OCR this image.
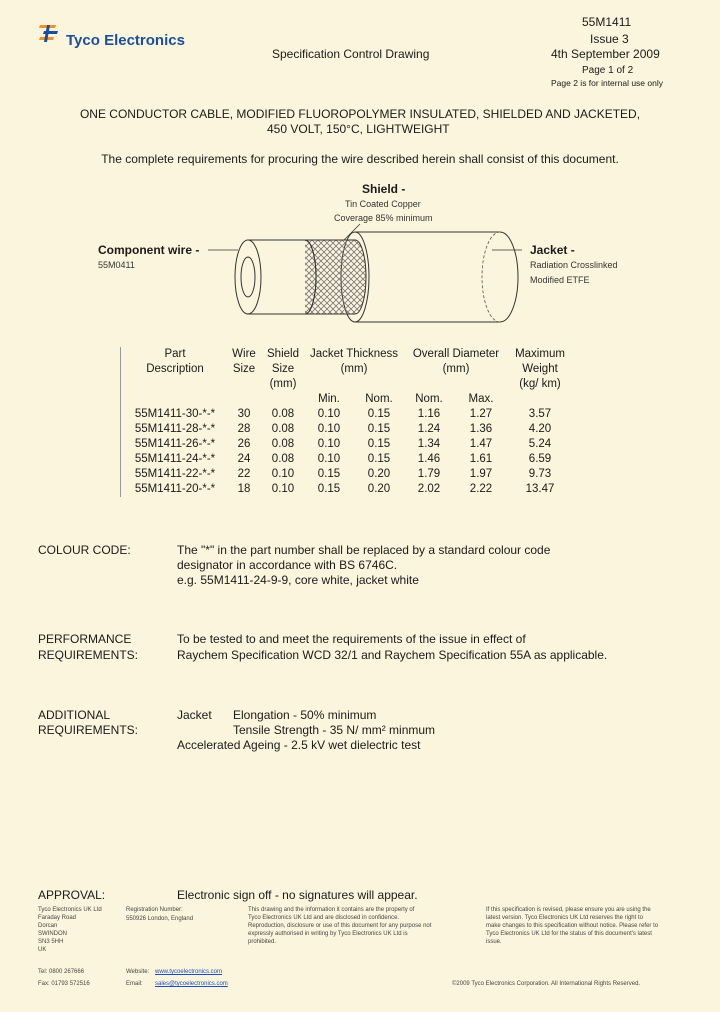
Tyco Electronics
55M1411
Issue 3
Specification Control Drawing	4th September 2009
Page 1 of 2
Page 2 is for internal use only
ONE CONDUCTOR CABLE, MODIFIED FLUOROPOLYMER INSULATED, SHIELDED AND JACKETED,
450 VOLT, 150°C, LIGHTWEIGHT
The complete requirements for procuring the wire described herein shall consist of this document.
Shield -
Tin Coated Copper
Coverage 85% minimum
Component wire -
55M0411
Jacket -
Radiation Crosslinked
Modified ETFE
Part	Wire	Shield	Jacket Thickness		Overall Diameter		Maximum
Description	Size	Size	(mm)		(mm)		Weight
		(mm)					(kg/ km)
			Min.	Nom.	Nom.	Max.	
55M1411-30-*-*	30	0.08	0.10	0.15	1.16	1.27	3.57
55M1411-28-*-*	28	0.08	0.10	0.15	1.24	1.36	4.20
55M1411-26-*-*	26	0.08	0.10	0.15	1.34	1.47	5.24
55M1411-24-*-*	24	0.08	0.10	0.15	1.46	1.61	6.59
55M1411-22-*-*	22	0.10	0.15	0.20	1.79	1.97	9.73
55M1411-20-*-*	18	0.10	0.15	0.20	2.02	2.22	13.47
COLOUR CODE:	The "*" in the part number shall be replaced by a standard colour code
designator in accordance with BS 6746C.
e.g. 55M1411-24-9-9, core white, jacket white
PERFORMANCE
REQUIREMENTS:
To be tested to and meet the requirements of the issue in effect of
Raychem Specification WCD 32/1 and Raychem Specification 55A as applicable.
ADDITIONAL
REQUIREMENTS:
Jacket Elongation - 50% minimum
Tensile Strength - 35 N/ mm² minmum
Accelerated Ageing - 2.5 kV wet dielectric test
APPROVAL:	Electronic sign off - no signatures will appear.
Tyco Electronics UK Ltd
Faraday Road
Dorcan
SWINDON
SN3 5HH
UK
Tel: 0800 267666
Fax: 01793 572516
Registration Number:
550926 London, England
Website: www.tycoelectronics.com
Email: sales@tycoelectronics.com
This drawing and the information it contains are the property of
Tyco Electronics UK Ltd and are disclosed in confidence.
Reproduction, disclosure or use of this document for any purpose not
expressly authorised in writing by Tyco Electronics UK Ltd is
prohibited.
If this specification is revised, please ensure you are using the
latest version. Tyco Electronics UK Ltd reserves the right to
make changes to this specification without notice. Please refer to
Tyco Electronics UK Ltd for the status of this document's latest
issue.
©2009 Tyco Electronics Corporation. All International Rights Reserved.
